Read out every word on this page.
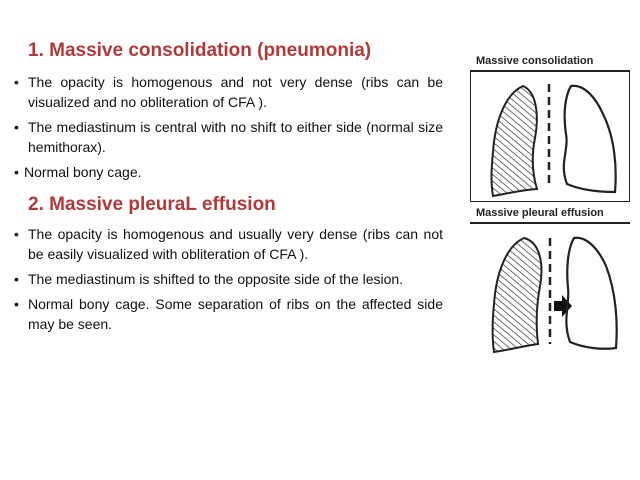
1. Massive consolidation (pneumonia)
• The opacity is homogenous and not very dense (ribs can be visualized and no obliteration of CFA ).
• The mediastinum is central with no shift to either side (normal size hemithorax).
• Normal bony cage.
2. Massive pleuraL effusion
• The opacity is homogenous and usually very dense (ribs can not be easily visualized with obliteration of CFA ).
• The mediastinum is shifted to the opposite side of the lesion.
• Normal bony cage. Some separation of ribs on the affected side may be seen.
Massive consolidation
Massive pleural effusion
